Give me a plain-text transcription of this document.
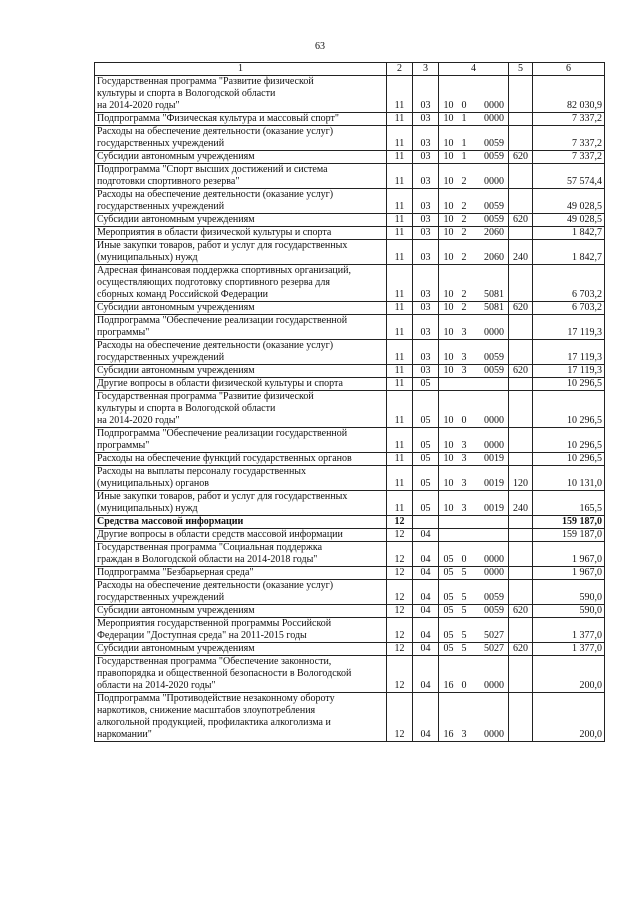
63
1	2	3	4	5	6
Государственная программа "Развитие физической
культуры и спорта в Вологодской области
на 2014-2020 годы"	11	03	10 0 0000		82 030,9
Подпрограмма "Физическая культура и массовый спорт"	11	03	10 1 0000		7 337,2
Расходы на обеспечение деятельности (оказание услуг)
государственных учреждений	11	03	10 1 0059		7 337,2
Субсидии автономным учреждениям	11	03	10 1 0059	620	7 337,2
Подпрограмма "Спорт высших достижений и система
подготовки спортивного резерва"	11	03	10 2 0000		57 574,4
Расходы на обеспечение деятельности (оказание услуг)
государственных учреждений	11	03	10 2 0059		49 028,5
Субсидии автономным учреждениям	11	03	10 2 0059	620	49 028,5
Мероприятия в области физической культуры и спорта	11	03	10 2 2060		1 842,7
Иные закупки товаров, работ и услуг для государственных
(муниципальных) нужд	11	03	10 2 2060	240	1 842,7
Адресная финансовая поддержка спортивных организаций,
осуществляющих подготовку спортивного резерва для
сборных команд Российской Федерации	11	03	10 2 5081		6 703,2
Субсидии автономным учреждениям	11	03	10 2 5081	620	6 703,2
Подпрограмма "Обеспечение реализации государственной
программы"	11	03	10 3 0000		17 119,3
Расходы на обеспечение деятельности (оказание услуг)
государственных учреждений	11	03	10 3 0059		17 119,3
Субсидии автономным учреждениям	11	03	10 3 0059	620	17 119,3
Другие вопросы в области физической культуры и спорта	11	05			10 296,5
Государственная программа "Развитие физической
культуры и спорта в Вологодской области
на 2014-2020 годы"	11	05	10 0 0000		10 296,5
Подпрограмма "Обеспечение реализации государственной
программы"	11	05	10 3 0000		10 296,5
Расходы на обеспечение функций государственных органов	11	05	10 3 0019		10 296,5
Расходы на выплаты персоналу государственных
(муниципальных) органов	11	05	10 3 0019	120	10 131,0
Иные закупки товаров, работ и услуг для государственных
(муниципальных) нужд	11	05	10 3 0019	240	165,5
Средства массовой информации	12				159 187,0
Другие вопросы в области средств массовой информации	12	04			159 187,0
Государственная программа "Социальная поддержка
граждан в Вологодской области на 2014-2018 годы"	12	04	05 0 0000		1 967,0
Подпрограмма "Безбарьерная среда"	12	04	05 5 0000		1 967,0
Расходы на обеспечение деятельности (оказание услуг)
государственных учреждений	12	04	05 5 0059		590,0
Субсидии автономным учреждениям	12	04	05 5 0059	620	590,0
Мероприятия государственной программы Российской
Федерации "Доступная среда" на 2011-2015 годы	12	04	05 5 5027		1 377,0
Субсидии автономным учреждениям	12	04	05 5 5027	620	1 377,0
Государственная программа "Обеспечение законности,
правопорядка и общественной безопасности в Вологодской
области на 2014-2020 годы"	12	04	16 0 0000		200,0
Подпрограмма "Противодействие незаконному обороту
наркотиков, снижение масштабов злоупотребления
алкогольной продукцией, профилактика алкоголизма и
наркомании"	12	04	16 3 0000		200,0
